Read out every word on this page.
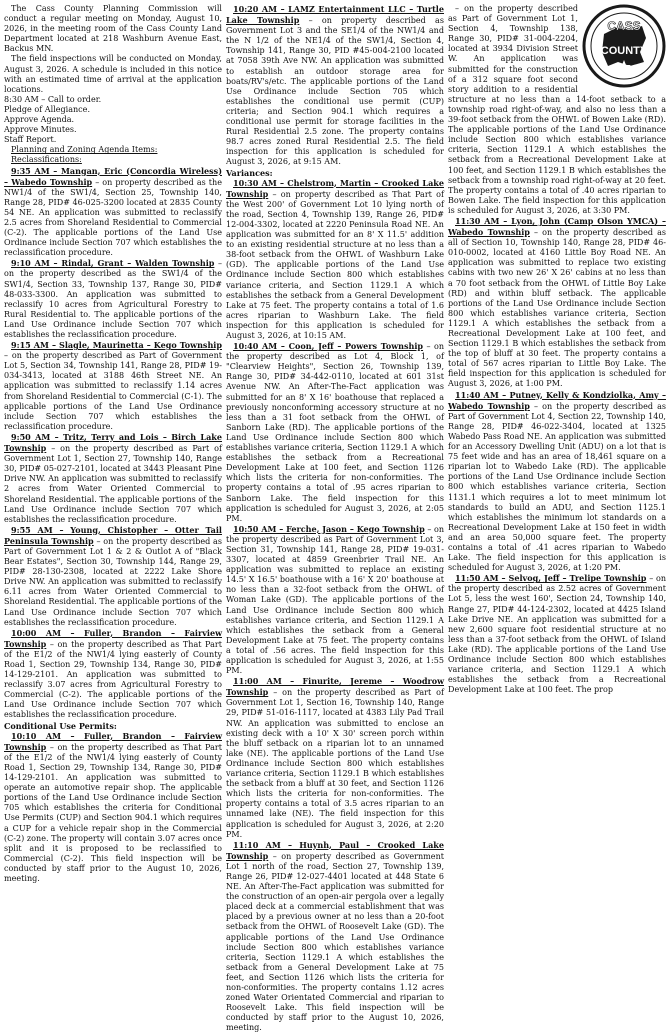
The Cass County Planning Commission will conduct a regular meeting on Monday, August 10, 2026, in the meeting room of the Cass County Land Department located at 218 Washburn Avenue East, Backus MN.

The field inspections will be conducted on Monday, August 3, 2026. A schedule is included in this notice with an estimated time of arrival at the application locations.

8:30 AM – Call to order.

Pledge of Allegiance.

Approve Agenda.

Approve Minutes.

Staff Report.

Planning and Zoning Agenda Items:

Reclassifications:

9:35 AM – Mangan, Eric (Concordia Wireless) – Wabedo Township – on property described as the NW1/4 of the SW1/4, Section 25, Township 140, Range 28, PID# 46-025-3200 located at 2835 County 54 NE. An application was submitted to reclassify 2.5 acres from Shoreland Residential to Commercial (C-2). The applicable portions of the Land Use Ordinance include Section 707 which establishes the reclassification procedure.

9:10 AM – Rindal, Grant – Walden Township – on the property described as the SW1/4 of the SW1/4, Section 33, Township 137, Range 30, PID# 48-033-3300. An application was submitted to reclassify 10 acres from Agricultural Forestry to Rural Residential to. The applicable portions of the Land Use Ordinance include Section 707 which establishes the reclassification procedure.

9:15 AM – Slagle, Maurinetta – Kego Township – on the property described as Part of Government Lot 5, Section 34, Township 141, Range 28, PID# 19-034-3413, located at 3188 46th Street NE. An application was submitted to reclassify 1.14 acres from Shoreland Residential to Commercial (C-1). The applicable portions of the Land Use Ordinance include Section 707 which establishes the reclassification procedure.

9:50 AM – Tritz, Terry and Lois – Birch Lake Township – on the property described as Part of Government Lot 1, Section 27, Township 140, Range 30, PID# 05-027-2101, located at 3443 Pleasant Pine Drive NW. An application was submitted to reclassify 2 acres from Water Oriented Commercial to Shoreland Residential. The applicable portions of the Land Use Ordinance include Section 707 which establishes the reclassification procedure.

9:55 AM – Young, Chistopher – Otter Tail Peninsula Township – on the property described as Part of Government Lot 1 & 2 & Outlot A of "Black Bear Estates", Section 30, Township 144, Range 29, PID# 28-130-2308, located at 2222 Lake Shore Drive NW. An application was submitted to reclassify 6.11 acres from Water Oriented Commercial to Shoreland Residential. The applicable portions of the Land Use Ordinance include Section 707 which establishes the reclassification procedure.

10:00 AM – Fuller, Brandon – Fairview Township – on the property described as That Part of the E1/2 of the NW1/4 lying easterly of County Road 1, Section 29, Township 134, Range 30, PID# 14-129-2101. An application was submitted to reclassify 3.07 acres from Agricultural Forestry to Commercial (C-2). The applicable portions of the Land Use Ordinance include Section 707 which establishes the reclassification procedure.

Conditional Use Permits:

10:10 AM – Fuller, Brandon – Fairview Township – on the property described as That Part of the E1/2 of the NW1/4 lying easterly of County Road 1, Section 29, Township 134, Range 30, PID# 14-129-2101. An application was submitted to operate an automotive repair shop. The applicable portions of the Land Use Ordinance include Section 705 which establishes the criteria for Conditional Use Permits (CUP) and Section 904.1 which requires a CUP for a vehicle repair shop in the Commercial (C-2) zone. The property will contain 3.07 acres once split and it is proposed to be reclassified to Commercial (C-2). This field inspection will be conducted by staff prior to the August 10, 2026, meeting.

10:20 AM – LAMZ Entertainment LLC – Turtle Lake Township – on property described as Government Lot 3 and the SE1/4 of the NW1/4 and the N 1/2 of the NE1/4 of the SW1/4, Section 4, Township 141, Range 30, PID #45-004-2100 located at 7058 39th Ave NW. An application was submitted to establish an outdoor storage area for boats/RV's/etc. The applicable portions of the Land Use Ordinance include Section 705 which establishes the conditional use permit (CUP) criteria; and Section 904.1 which requires a conditional use permit for storage facilities in the Rural Residential 2.5 zone. The property contains 98.7 acres zoned Rural Residential 2.5. The field inspection for this application is scheduled for August 3, 2026, at 9:15 AM.

Variances:

10:30 AM – Chelstrom, Martin – Crooked Lake Township – on property described as That Part of the West 200' of Government Lot 10 lying north of the road, Section 4, Township 139, Range 26, PID# 12-004-3302, located at 2220 Peninsula Road NE. An application was submitted for an 8' X 11.5' addition to an existing residential structure at no less than a 38-foot setback from the OHWL of Washburn Lake (GD). The applicable portions of the Land Use Ordinance include Section 800 which establishes variance criteria, and Section 1129.1 A which establishes the setback from a General Development Lake at 75 feet. The property contains a total of 1.6 acres riparian to Washburn Lake. The field inspection for this application is scheduled for August 3, 2026, at 10:15 AM.

10:40 AM – Coon, Jeff – Powers Township – on the property described as Lot 4, Block 1, of "Clearview Heights", Section 26, Township 139, Range 30, PID# 34-442-0110, located at 601 31st Avenue NW. An After-The-Fact application was submitted for an 8' X 16' boathouse that replaced a previously nonconforming accessory structure at no less than a 31 foot setback from the OHWL of Sanborn Lake (RD). The applicable portions of the Land Use Ordinance include Section 800 which establishes variance criteria, Section 1129.1 A which establishes the setback from a Recreational Development Lake at 100 feet, and Section 1126 which lists the criteria for non-conformities. The property contains a total of .95 acres riparian to Sanborn Lake. The field inspection for this application is scheduled for August 3, 2026, at 2:05 PM.

10:50 AM – Ferche, Jason – Kego Township – on the property described as Part of Government Lot 3, Section 31, Township 141, Range 28, PID# 19-031-3307, located at 4859 Greenbrier Trail NE. An application was submitted to replace an existing 14.5' X 16.5' boathouse with a 16' X 20' boathouse at no less than a 32-foot setback from the OHWL of Woman Lake (GD). The applicable portions of the Land Use Ordinance include Section 800 which establishes variance criteria, and Section 1129.1 A which establishes the setback from a General Development Lake at 75 feet. The property contains a total of .56 acres. The field inspection for this application is scheduled for August 3, 2026, at 1:55 PM.

11:00 AM – Finurite, Jereme – Woodrow Township – on the property described as Part of Government Lot 1, Section 16, Township 140, Range 29, PID# 51-016-1117, located at 4383 Lily Pad Trail NW. An application was submitted to enclose an existing deck with a 10' X 30' screen porch within the bluff setback on a riparian lot to an unnamed lake (NE). The applicable portions of the Land Use Ordinance include Section 800 which establishes variance criteria, Section 1129.1 B which establishes the setback from a bluff at 30 feet, and Section 1126 which lists the criteria for non-conformities. The property contains a total of 3.5 acres riparian to an unnamed lake (NE). The field inspection for this application is scheduled for August 3, 2026, at 2:20 PM.

11:10 AM – Huynh, Paul – Crooked Lake Township – on property described as Government Lot 1 north of the road, Section 27, Township 139, Range 26, PID# 12-027-4401 located at 448 State 6 NE. An After-The-Fact application was submitted for the construction of an open-air pergola over a legally placed deck at a commercial establishment that was placed by a previous owner at no less than a 20-foot setback from the OHWL of Roosevelt Lake (GD). The applicable portions of the Land Use Ordinance include Section 800 which establishes variance criteria, Section 1129.1 A which establishes the setback from a General Development Lake at 75 feet, and Section 1126 which lists the criteria for non-conformities. The property contains 1.12 acres zoned Water Orientated Commercial and riparian to Roosevelt Lake. This field inspection will be conducted by staff prior to the August 10, 2026, meeting.

CASS
COUNTY

– on the property described as Part of Government Lot 1, Section 4, Township 138, Range 30, PID# 31-004-2204, located at 3934 Division Street W. An application was submitted for the construction of a 312 square foot second story addition to a residential structure at no less than a 14-foot setback to a township road right-of-way, and also no less than a 39-foot setback from the OHWL of Bowen Lake (RD). The applicable portions of the Land Use Ordinance include Section 800 which establishes variance criteria, Section 1129.1 A which establishes the setback from a Recreational Development Lake at 100 feet, and Section 1129.1 B which establishes the setback from a township road right-of-way at 20 feet. The property contains a total of .40 acres riparian to Bowen Lake. The field inspection for this application is scheduled for August 3, 2026, at 3:30 PM.

11:30 AM – Lyon, John (Camp Olson YMCA) – Wabedo Township – on the property described as all of Section 10, Township 140, Range 28, PID# 46-010-0002, located at 4160 Little Boy Road NE. An application was submitted to replace two existing cabins with two new 26' X 26' cabins at no less than a 70 foot setback from the OHWL of Little Boy Lake (RD) and within bluff setback. The applicable portions of the Land Use Ordinance include Section 800 which establishes variance criteria, Section 1129.1 A which establishes the setback from a Recreational Development Lake at 100 feet, and Section 1129.1 B which establishes the setback from the top of bluff at 30 feet. The property contains a total of 567 acres riparian to Little Boy Lake. The field inspection for this application is scheduled for August 3, 2026, at 1:00 PM.

11:40 AM – Putney, Kelly & Kondziolka, Amy – Wabedo Township – on the property described as Part of Government Lot 4, Section 22, Township 140, Range 28, PID# 46-022-3404, located at 1325 Wabedo Pass Road NE. An application was submitted for an Accessory Dwelling Unit (ADU) on a lot that is 75 feet wide and has an area of 18,461 square on a riparian lot to Wabedo Lake (RD). The applicable portions of the Land Use Ordinance include Section 800 which establishes variance criteria, Section 1131.1 which requires a lot to meet minimum lot standards to build an ADU, and Section 1125.1 which establishes the minimum lot standards on a Recreational Development Lake at 150 feet in width and an area 50,000 square feet. The property contains a total of .41 acres riparian to Wabedo Lake. The field inspection for this application is scheduled for August 3, 2026, at 1:20 PM.

11:50 AM – Selvog, Jeff – Trelipe Township – on the property described as 2.52 acres of Government Lot 5, less the west 160', Section 24, Township 140, Range 27, PID# 44-124-2302, located at 4425 Island Lake Drive NE. An application was submitted for a new 2,600 square foot residential structure at no less than a 37-foot setback from the OHWL of Island Lake (RD). The applicable portions of the Land Use Ordinance include Section 800 which establishes variance criteria, and Section 1129.1 A which establishes the setback from a Recreational Development Lake at 100 feet. The prop
